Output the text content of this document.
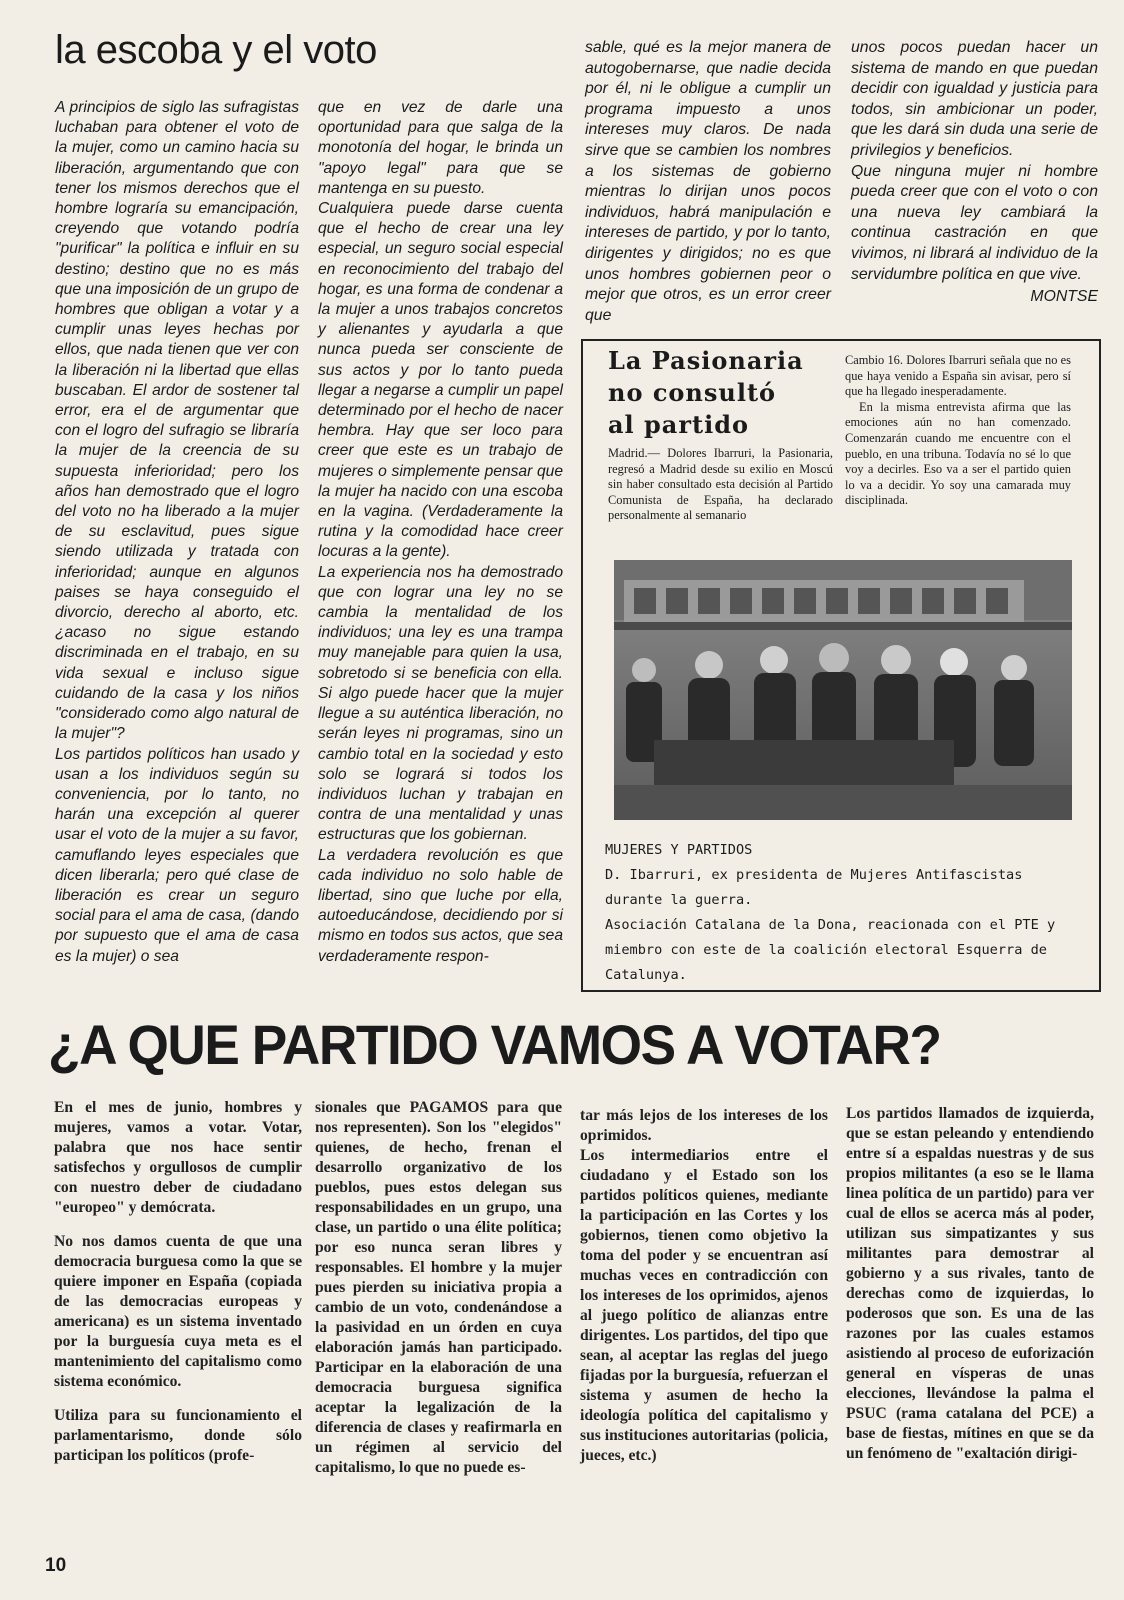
la escoba y el voto

A principios de siglo las sufragistas luchaban para obtener el voto de la mujer, como un camino hacia su liberación, argumentando que con tener los mismos derechos que el hombre lograría su emancipación, creyendo que votando podría "purificar" la política e influir en su destino; destino que no es más que una imposición de un grupo de hombres que obligan a votar y a cumplir unas leyes hechas por ellos, que nada tienen que ver con la liberación ni la libertad que ellas buscaban. El ardor de sostener tal error, era el de argumentar que con el logro del sufragio se libraría la mujer de la creencia de su supuesta inferioridad; pero los años han demostrado que el logro del voto no ha liberado a la mujer de su esclavitud, pues sigue siendo utilizada y tratada con inferioridad; aunque en algunos paises se haya conseguido el divorcio, derecho al aborto, etc. ¿acaso no sigue estando discriminada en el trabajo, en su vida sexual e incluso sigue cuidando de la casa y los niños "considerado como algo natural de la mujer"?

Los partidos políticos han usado y usan a los individuos según su conveniencia, por lo tanto, no harán una excepción al querer usar el voto de la mujer a su favor, camuflando leyes especiales que dicen liberarla; pero qué clase de liberación es crear un seguro social para el ama de casa, (dando por supuesto que el ama de casa es la mujer) o sea

que en vez de darle una oportunidad para que salga de la monotonía del hogar, le brinda un "apoyo legal" para que se mantenga en su puesto.

Cualquiera puede darse cuenta que el hecho de crear una ley especial, un seguro social especial en reconocimiento del trabajo del hogar, es una forma de condenar a la mujer a unos trabajos concretos y alienantes y ayudarla a que nunca pueda ser consciente de sus actos y por lo tanto pueda llegar a negarse a cumplir un papel determinado por el hecho de nacer hembra. Hay que ser loco para creer que este es un trabajo de mujeres o simplemente pensar que la mujer ha nacido con una escoba en la vagina. (Verdaderamente la rutina y la comodidad hace creer locuras a la gente).

La experiencia nos ha demostrado que con lograr una ley no se cambia la mentalidad de los individuos; una ley es una trampa muy manejable para quien la usa, sobretodo si se beneficia con ella. Si algo puede hacer que la mujer llegue a su auténtica liberación, no serán leyes ni programas, sino un cambio total en la sociedad y esto solo se logrará si todos los individuos luchan y trabajan en contra de una mentalidad y unas estructuras que los gobiernan.

La verdadera revolución es que cada individuo no solo hable de libertad, sino que luche por ella, autoeducándose, decidiendo por si mismo en todos sus actos, que sea verdaderamente respon-

sable, qué es la mejor manera de autogobernarse, que nadie decida por él, ni le obligue a cumplir un programa impuesto a unos intereses muy claros. De nada sirve que se cambien los nombres a los sistemas de gobierno mientras lo dirijan unos pocos individuos, habrá manipulación e intereses de partido, y por lo tanto, dirigentes y dirigidos; no es que unos hombres gobiernen peor o mejor que otros, es un error creer que

unos pocos puedan hacer un sistema de mando en que puedan decidir con igualdad y justicia para todos, sin ambicionar un poder, que les dará sin duda una serie de privilegios y beneficios.

Que ninguna mujer ni hombre pueda creer que con el voto o con una nueva ley cambiará la continua castración en que vivimos, ni librará al individuo de la servidumbre política en que vive.

MONTSE

La Pasionaria

no consultó

al partido

Madrid.— Dolores Ibarruri, la Pasionaria, regresó a Madrid desde su exilio en Moscú sin haber consultado esta decisión al Partido Comunista de España, ha declarado personalmente al semanario

Cambio 16. Dolores Ibarruri señala que no es que haya venido a España sin avisar, pero sí que ha llegado inesperadamente.

En la misma entrevista afirma que las emociones aún no han comenzado. Comenzarán cuando me encuentre con el pueblo, en una tribuna. Todavía no sé lo que voy a decirles. Eso va a ser el partido quien lo va a decidir. Yo soy una camarada muy disciplinada.

MUJERES Y PARTIDOS

D. Ibarruri, ex presidenta de Mujeres Antifascistas durante la guerra.

Asociación Catalana de la Dona, reacionada con el PTE y miembro con este de la coalición electoral Esquerra de Catalunya.

¿A QUE PARTIDO VAMOS A VOTAR?

En el mes de junio, hombres y mujeres, vamos a votar. Votar, palabra que nos hace sentir satisfechos y orgullosos de cumplir con nuestro deber de ciudadano "europeo" y demócrata.

No nos damos cuenta de que una democracia burguesa como la que se quiere imponer en España (copiada de las democracias europeas y americana) es un sistema inventado por la burguesía cuya meta es el mantenimiento del capitalismo como sistema económico.

Utiliza para su funcionamiento el parlamentarismo, donde sólo participan los políticos (profe-

sionales que PAGAMOS para que nos representen). Son los "elegidos" quienes, de hecho, frenan el desarrollo organizativo de los pueblos, pues estos delegan sus responsabilidades en un grupo, una clase, un partido o una élite política; por eso nunca seran libres y responsables. El hombre y la mujer pues pierden su iniciativa propia a cambio de un voto, condenándose a la pasividad en un órden en cuya elaboración jamás han participado. Participar en la elaboración de una democracia burguesa significa aceptar la legalización de la diferencia de clases y reafirmarla en un régimen al servicio del capitalismo, lo que no puede es-

tar más lejos de los intereses de los oprimidos.

Los intermediarios entre el ciudadano y el Estado son los partidos políticos quienes, mediante la participación en las Cortes y los gobiernos, tienen como objetivo la toma del poder y se encuentran así muchas veces en contradicción con los intereses de los oprimidos, ajenos al juego político de alianzas entre dirigentes. Los partidos, del tipo que sean, al aceptar las reglas del juego fijadas por la burguesía, refuerzan el sistema y asumen de hecho la ideología política del capitalismo y sus instituciones autoritarias (policia, jueces, etc.)

Los partidos llamados de izquierda, que se estan peleando y entendiendo entre sí a espaldas nuestras y de sus propios militantes (a eso se le llama linea política de un partido) para ver cual de ellos se acerca más al poder, utilizan sus simpatizantes y sus militantes para demostrar al gobierno y a sus rivales, tanto de derechas como de izquierdas, lo poderosos que son. Es una de las razones por las cuales estamos asistiendo al proceso de euforización general en vísperas de unas elecciones, llevándose la palma el PSUC (rama catalana del PCE) a base de fiestas, mítines en que se da un fenómeno de "exaltación dirigi-

10
